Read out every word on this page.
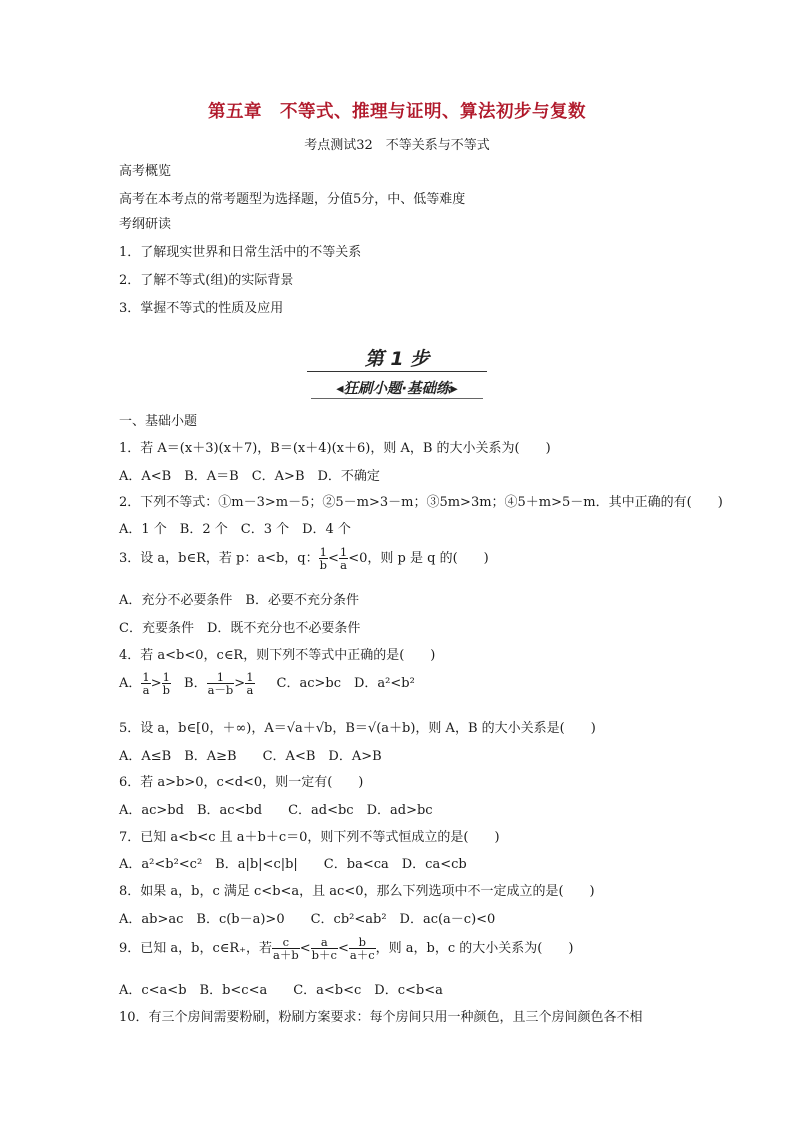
第五章　不等式、推理与证明、算法初步与复数
考点测试32　不等关系与不等式
高考概览
高考在本考点的常考题型为选择题，分值5分，中、低等难度
考纲研读
1．了解现实世界和日常生活中的不等关系
2．了解不等式(组)的实际背景
3．掌握不等式的性质及应用
第 1 步
◂狂刷小题·基础练▸
一、基础小题
1．若 A＝(x＋3)(x＋7)，B＝(x＋4)(x＋6)，则 A，B 的大小关系为(　　)
A．A<B　B．A＝B　C．A>B　D．不确定
2．下列不等式：①m－3>m－5；②5－m>3－m；③5m>3m；④5＋m>5－m．其中正确的有(　　)
A．1 个　B．2 个　C．3 个　D．4 个
3．设 a，b∈R，若 p：a<b，q： $\frac{1}{b} < \frac{1}{a} <0$，则 p 是 q 的(　　)
A．充分不必要条件　B．必要不充分条件
C．充要条件　D．既不充分也不必要条件
4．若 a<b<0，c∈R，则下列不等式中正确的是(　　)
A． $\frac{1}{a} > \frac{1}{b}$
　 B． $\frac{1}{a-b} > \frac{1}{a}$ C．ac>bc　D．a²<b²
5．设 a，b∈[0，＋∞)，A＝√a＋√b，B＝√(a＋b)，则 A，B 的大小关系是(　　)
A．A≤B　B．A≥B　　C．A<B　D．A>B
6．若 a>b>0，c<d<0，则一定有(　　)
A．ac>bd　B．ac<bd　　C．ad<bc　D．ad>bc
7．已知 a<b<c 且 a＋b＋c＝0，则下列不等式恒成立的是(　　)
A．a²<b²<c²　B．a|b|<c|b|　　C．ba<ca　D．ca<cb
8．如果 a，b，c 满足 c<b<a，且 ac<0，那么下列选项中不一定成立的是(　　)
A．ab>ac　B．c(b－a)>0　　C．cb²<ab²　D．ac(a－c)<0
9．已知 a，b，c∈R₊，若 $\frac{c}{a+b} < \frac{a}{b+c} < \frac{b}{a+c}$ ，则 a，b，c 的大小关系为(　　)
A．c<a<b　B．b<c<a　　C．a<b<c　D．c<b<a
10．有三个房间需要粉刷，粉刷方案要求：每个房间只用一种颜色，且三个房间颜色各不相
